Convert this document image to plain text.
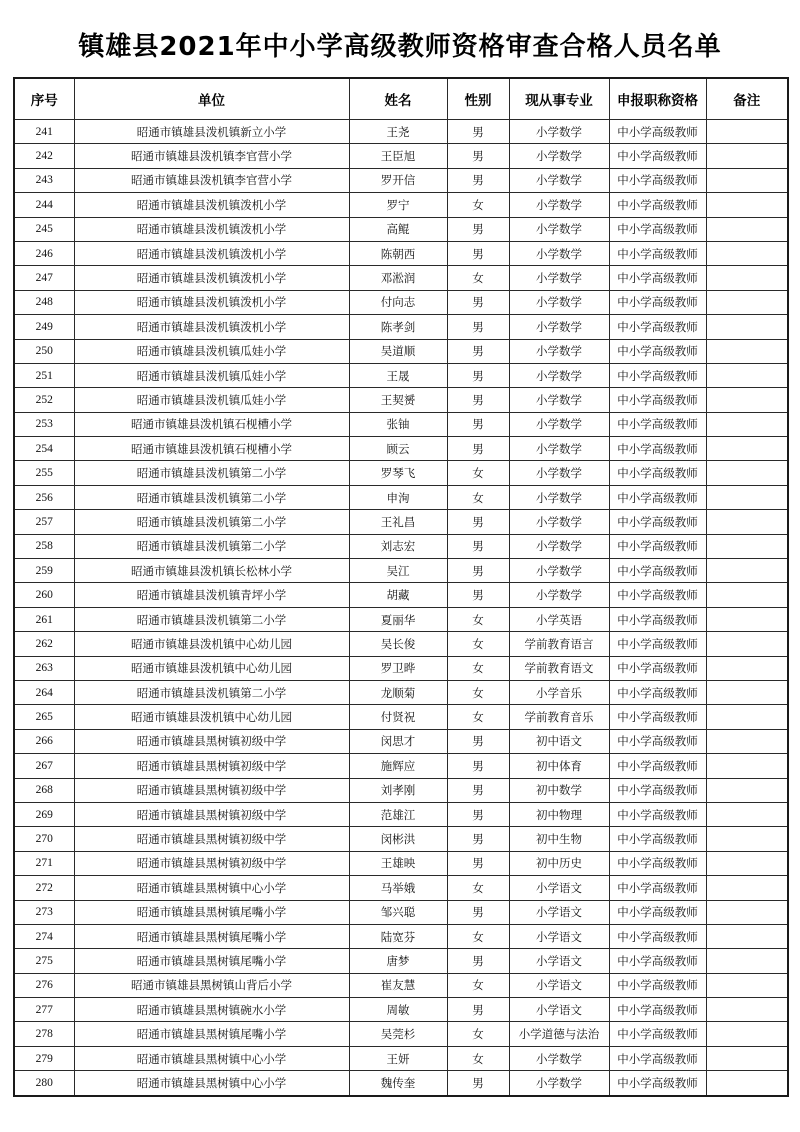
镇雄县2021年中小学高级教师资格审查合格人员名单
序号	单位	姓名	性别	现从事专业	申报职称资格	备注
241	昭通市镇雄县泼机镇新立小学	王尧	男	小学数学	中小学高级教师	
242	昭通市镇雄县泼机镇李官营小学	王臣旭	男	小学数学	中小学高级教师	
243	昭通市镇雄县泼机镇李官营小学	罗开信	男	小学数学	中小学高级教师	
244	昭通市镇雄县泼机镇泼机小学	罗宁	女	小学数学	中小学高级教师	
245	昭通市镇雄县泼机镇泼机小学	高鲲	男	小学数学	中小学高级教师	
246	昭通市镇雄县泼机镇泼机小学	陈朝西	男	小学数学	中小学高级教师	
247	昭通市镇雄县泼机镇泼机小学	邓淞润	女	小学数学	中小学高级教师	
248	昭通市镇雄县泼机镇泼机小学	付向志	男	小学数学	中小学高级教师	
249	昭通市镇雄县泼机镇泼机小学	陈孝剑	男	小学数学	中小学高级教师	
250	昭通市镇雄县泼机镇瓜娃小学	吴道顺	男	小学数学	中小学高级教师	
251	昭通市镇雄县泼机镇瓜娃小学	王晟	男	小学数学	中小学高级教师	
252	昭通市镇雄县泼机镇瓜娃小学	王契赟	男	小学数学	中小学高级教师	
253	昭通市镇雄县泼机镇石枧槽小学	张铀	男	小学数学	中小学高级教师	
254	昭通市镇雄县泼机镇石枧槽小学	顾云	男	小学数学	中小学高级教师	
255	昭通市镇雄县泼机镇第二小学	罗琴飞	女	小学数学	中小学高级教师	
256	昭通市镇雄县泼机镇第二小学	申洵	女	小学数学	中小学高级教师	
257	昭通市镇雄县泼机镇第二小学	王礼昌	男	小学数学	中小学高级教师	
258	昭通市镇雄县泼机镇第二小学	刘志宏	男	小学数学	中小学高级教师	
259	昭通市镇雄县泼机镇长松林小学	吴江	男	小学数学	中小学高级教师	
260	昭通市镇雄县泼机镇青坪小学	胡藏	男	小学数学	中小学高级教师	
261	昭通市镇雄县泼机镇第二小学	夏丽华	女	小学英语	中小学高级教师	
262	昭通市镇雄县泼机镇中心幼儿园	吴长俊	女	学前教育语言	中小学高级教师	
263	昭通市镇雄县泼机镇中心幼儿园	罗卫晔	女	学前教育语文	中小学高级教师	
264	昭通市镇雄县泼机镇第二小学	龙顺菊	女	小学音乐	中小学高级教师	
265	昭通市镇雄县泼机镇中心幼儿园	付贤祝	女	学前教育音乐	中小学高级教师	
266	昭通市镇雄县黑树镇初级中学	闵思才	男	初中语文	中小学高级教师	
267	昭通市镇雄县黑树镇初级中学	施辉应	男	初中体育	中小学高级教师	
268	昭通市镇雄县黑树镇初级中学	刘孝刚	男	初中数学	中小学高级教师	
269	昭通市镇雄县黑树镇初级中学	范雄江	男	初中物理	中小学高级教师	
270	昭通市镇雄县黑树镇初级中学	闵彬洪	男	初中生物	中小学高级教师	
271	昭通市镇雄县黑树镇初级中学	王雄映	男	初中历史	中小学高级教师	
272	昭通市镇雄县黑树镇中心小学	马举娥	女	小学语文	中小学高级教师	
273	昭通市镇雄县黑树镇尾嘴小学	邹兴聪	男	小学语文	中小学高级教师	
274	昭通市镇雄县黑树镇尾嘴小学	陆宽芬	女	小学语文	中小学高级教师	
275	昭通市镇雄县黑树镇尾嘴小学	唐梦	男	小学语文	中小学高级教师	
276	昭通市镇雄县黑树镇山背后小学	崔友慧	女	小学语文	中小学高级教师	
277	昭通市镇雄县黑树镇碗水小学	周敏	男	小学语文	中小学高级教师	
278	昭通市镇雄县黑树镇尾嘴小学	吴莞杉	女	小学道德与法治	中小学高级教师	
279	昭通市镇雄县黑树镇中心小学	王妍	女	小学数学	中小学高级教师	
280	昭通市镇雄县黑树镇中心小学	魏传奎	男	小学数学	中小学高级教师	
